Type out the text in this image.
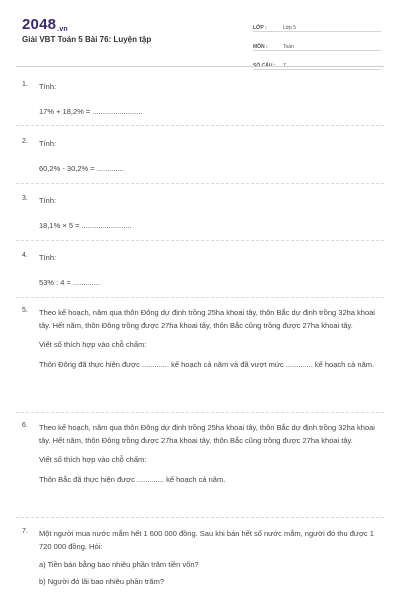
2048.vn
Giải VBT Toán 5 Bài 76: Luyện tập
LỚP :	Lớp 5
MÔN :	Toán
SỐ CÂU :	7
1. Tính:
17% + 18,2% = ........................
2. Tính:
60,2% - 30,2% = .............
3. Tính:
18,1% × 5 = ........................
4. Tính:
53% : 4 = .............
5. Theo kế hoạch, năm qua thôn Đông dự định trồng 25ha khoai tây, thôn Bắc dự định trồng 32ha khoai tây. Hết năm, thôn Đông trồng được 27ha khoai tây, thôn Bắc cũng trồng được 27ha khoai tây.
Viết số thích hợp vào chỗ chấm:
Thôn Đông đã thực hiện được ............. kế hoạch cả năm và đã vượt mức ............. kế hoạch cả năm.
6. Theo kế hoạch, năm qua thôn Đông dự định trồng 25ha khoai tây, thôn Bắc dự định trồng 32ha khoai tây. Hết năm, thôn Đông trồng được 27ha khoai tây, thôn Bắc cũng trồng được 27ha khoai tây.
Viết số thích hợp vào chỗ chấm:
Thôn Bắc đã thực hiện được ............. kế hoạch cả năm.
7. Một người mua nước mắm hết 1 600 000 đồng. Sau khi bán hết số nước mắm, người đó thu được 1 720 000 đồng. Hỏi:
a) Tiền bán bằng bao nhiêu phần trăm tiền vốn?
b) Người đó lãi bao nhiêu phần trăm?
